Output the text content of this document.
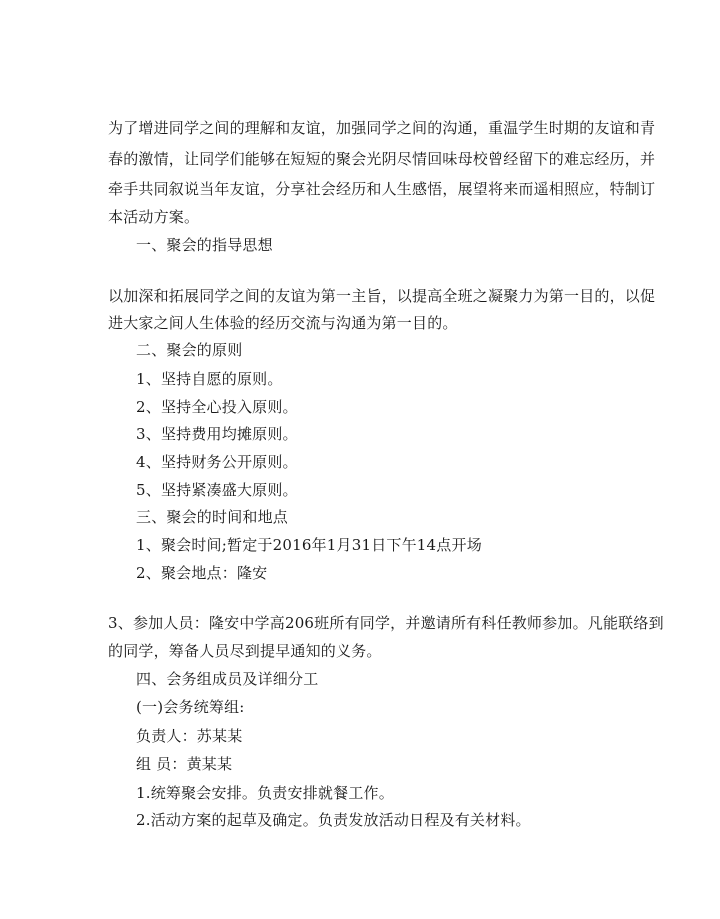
为了增进同学之间的理解和友谊，加强同学之间的沟通，重温学生时期的友谊和青
春的激情，让同学们能够在短短的聚会光阴尽情回味母校曾经留下的难忘经历，并
牵手共同叙说当年友谊，分享社会经历和人生感悟，展望将来而遥相照应，特制订
本活动方案。
一、聚会的指导思想
以加深和拓展同学之间的友谊为第一主旨，以提高全班之凝聚力为第一目的，以促
进大家之间人生体验的经历交流与沟通为第一目的。
二、聚会的原则
1、坚持自愿的原则。
2、坚持全心投入原则。
3、坚持费用均摊原则。
4、坚持财务公开原则。
5、坚持紧凑盛大原则。
三、聚会的时间和地点
1、聚会时间;暂定于2016年1月31日下午14点开场
2、聚会地点：隆安
3、参加人员：隆安中学高206班所有同学，并邀请所有科任教师参加。凡能联络到
的同学，筹备人员尽到提早通知的义务。
四、会务组成员及详细分工
(一)会务统筹组:
负责人：苏某某
组 员：黄某某
1.统筹聚会安排。负责安排就餐工作。
2.活动方案的起草及确定。负责发放活动日程及有关材料。
